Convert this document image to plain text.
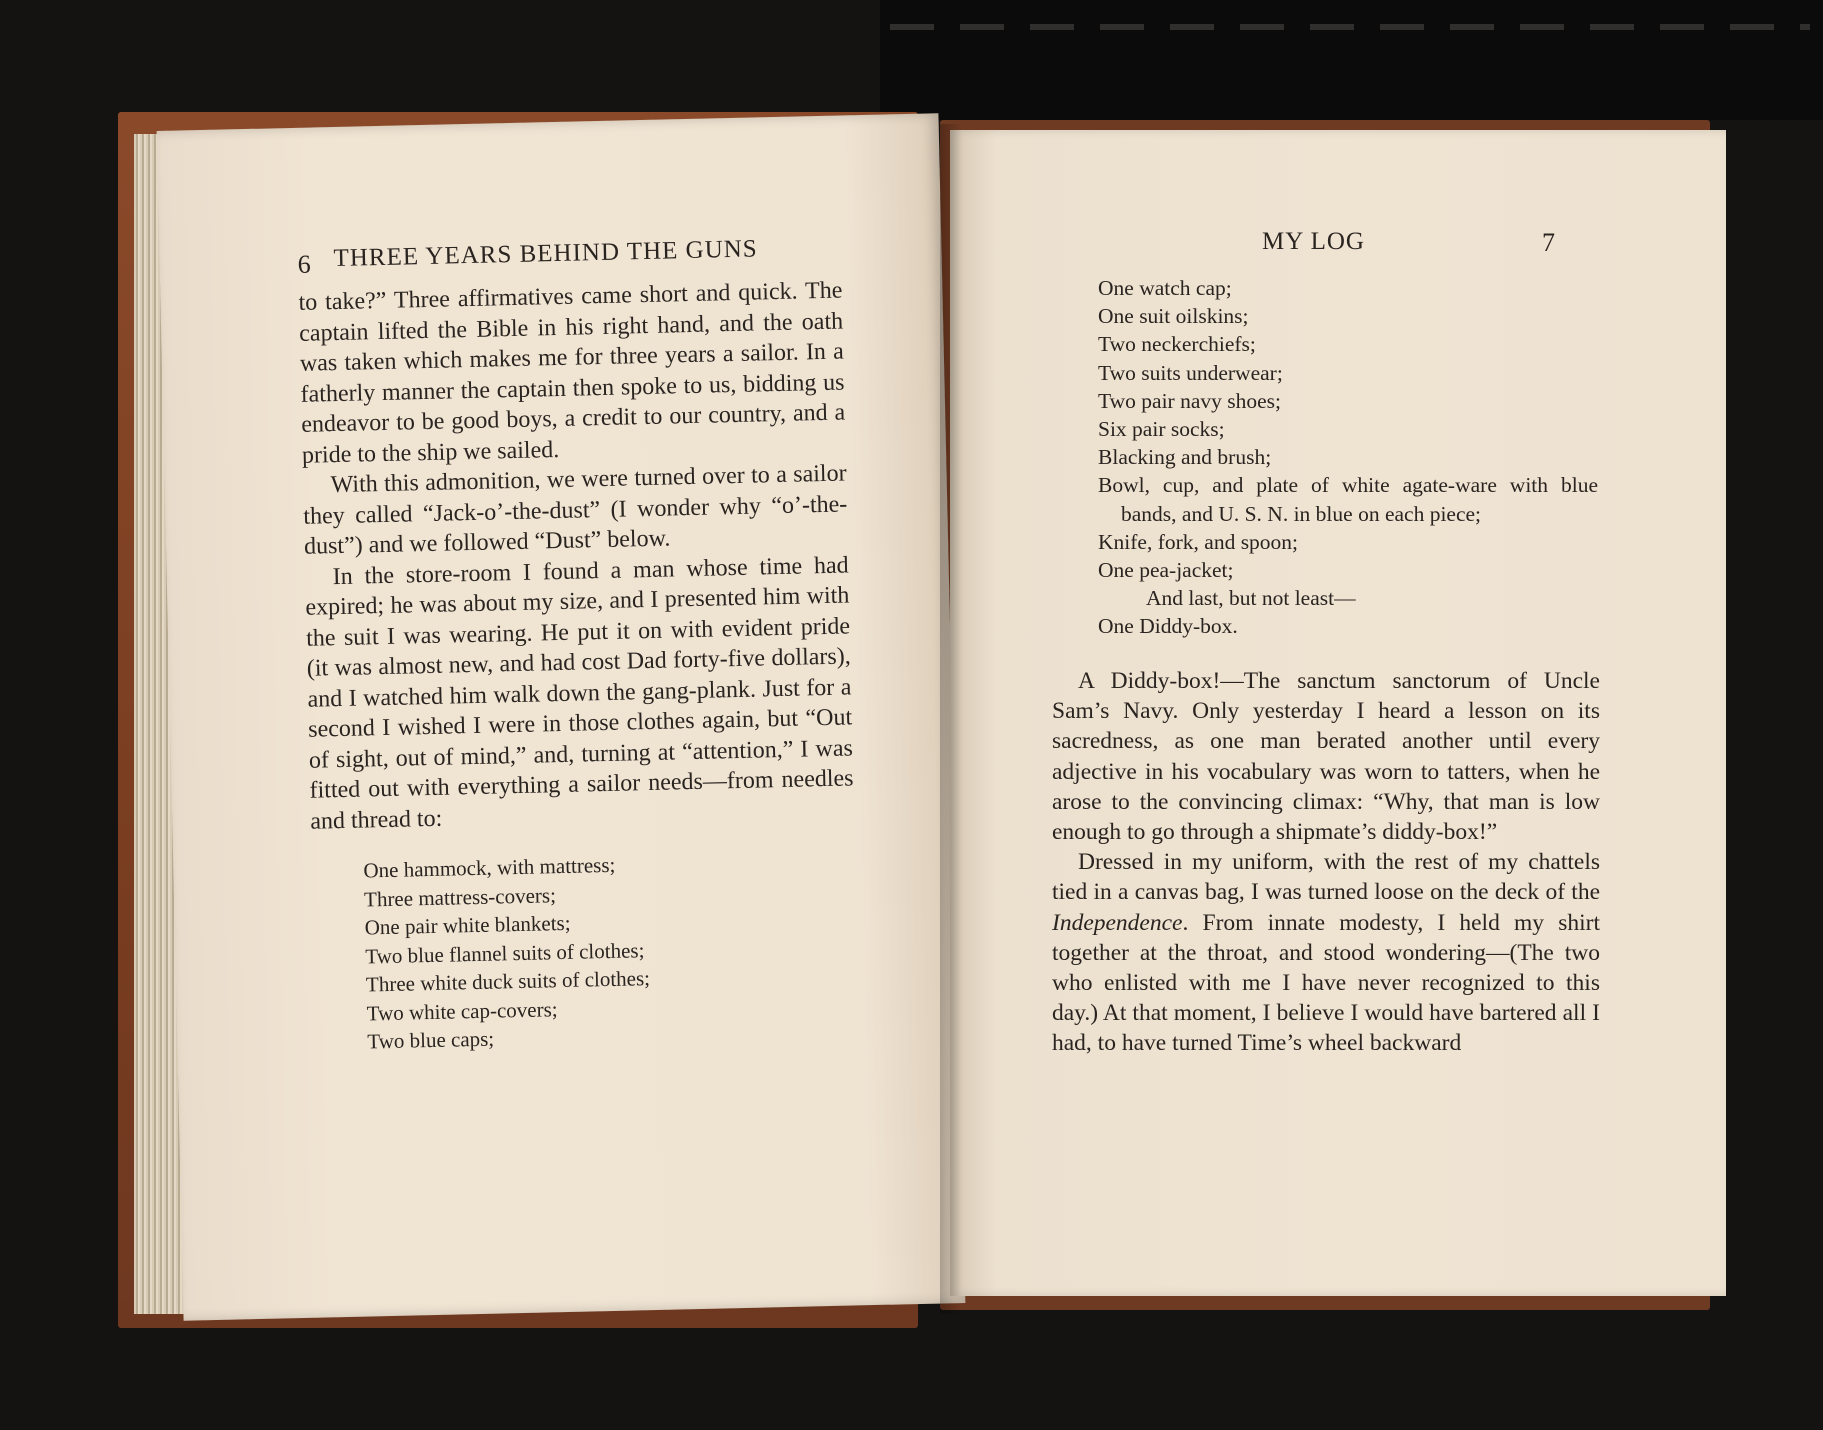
6 THREE YEARS BEHIND THE GUNS

to take?” Three affirmatives came short and quick. The captain lifted the Bible in his right hand, and the oath was taken which makes me for three years a sailor. In a fatherly manner the captain then spoke to us, bidding us endeavor to be good boys, a credit to our country, and a pride to the ship we sailed.

With this admonition, we were turned over to a sailor they called “Jack-o’-the-dust” (I wonder why “o’-the-dust”) and we followed “Dust” below.

In the store-room I found a man whose time had expired; he was about my size, and I presented him with the suit I was wearing. He put it on with evident pride (it was almost new, and had cost Dad forty-five dollars), and I watched him walk down the gang-plank. Just for a second I wished I were in those clothes again, but “Out of sight, out of mind,” and, turning at “attention,” I was fitted out with everything a sailor needs—from needles and thread to:

One hammock, with mattress;
Three mattress-covers;
One pair white blankets;
Two blue flannel suits of clothes;
Three white duck suits of clothes;
Two white cap-covers;
Two blue caps;
MY LOG	7
One watch cap;
One suit oilskins;
Two neckerchiefs;
Two suits underwear;
Two pair navy shoes;
Six pair socks;
Blacking and brush;
Bowl, cup, and plate of white agate-ware with blue bands, and U. S. N. in blue on each piece;
Knife, fork, and spoon;
One pea-jacket;
And last, but not least—
One Diddy-box.

A Diddy-box!—The sanctum sanctorum of Uncle Sam’s Navy. Only yesterday I heard a lesson on its sacredness, as one man berated another until every adjective in his vocabulary was worn to tatters, when he arose to the convincing climax: “Why, that man is low enough to go through a shipmate’s diddy-box!”

Dressed in my uniform, with the rest of my chattels tied in a canvas bag, I was turned loose on the deck of the Independence. From innate modesty, I held my shirt together at the throat, and stood wondering—(The two who enlisted with me I have never recognized to this day.) At that moment, I believe I would have bartered all I had, to have turned Time’s wheel backward
